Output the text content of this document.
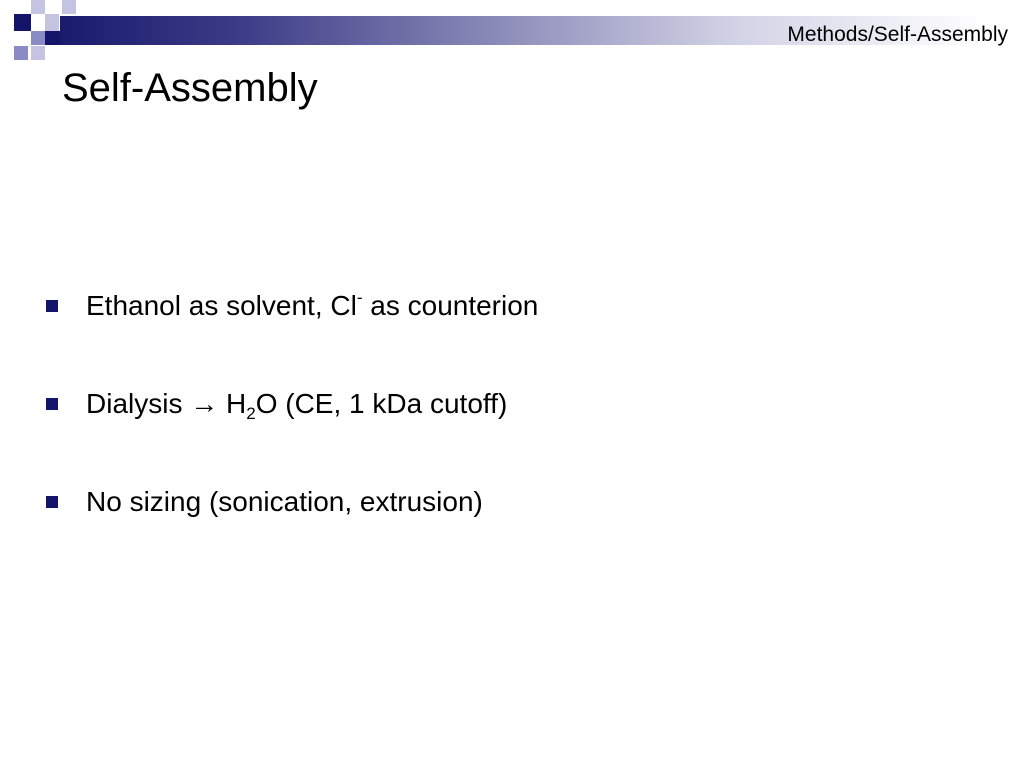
Methods/Self-Assembly
Self-Assembly
Ethanol as solvent, Cl- as counterion
Dialysis → $H_2O$ (CE, 1 kDa cutoff)
No sizing (sonication, extrusion)
